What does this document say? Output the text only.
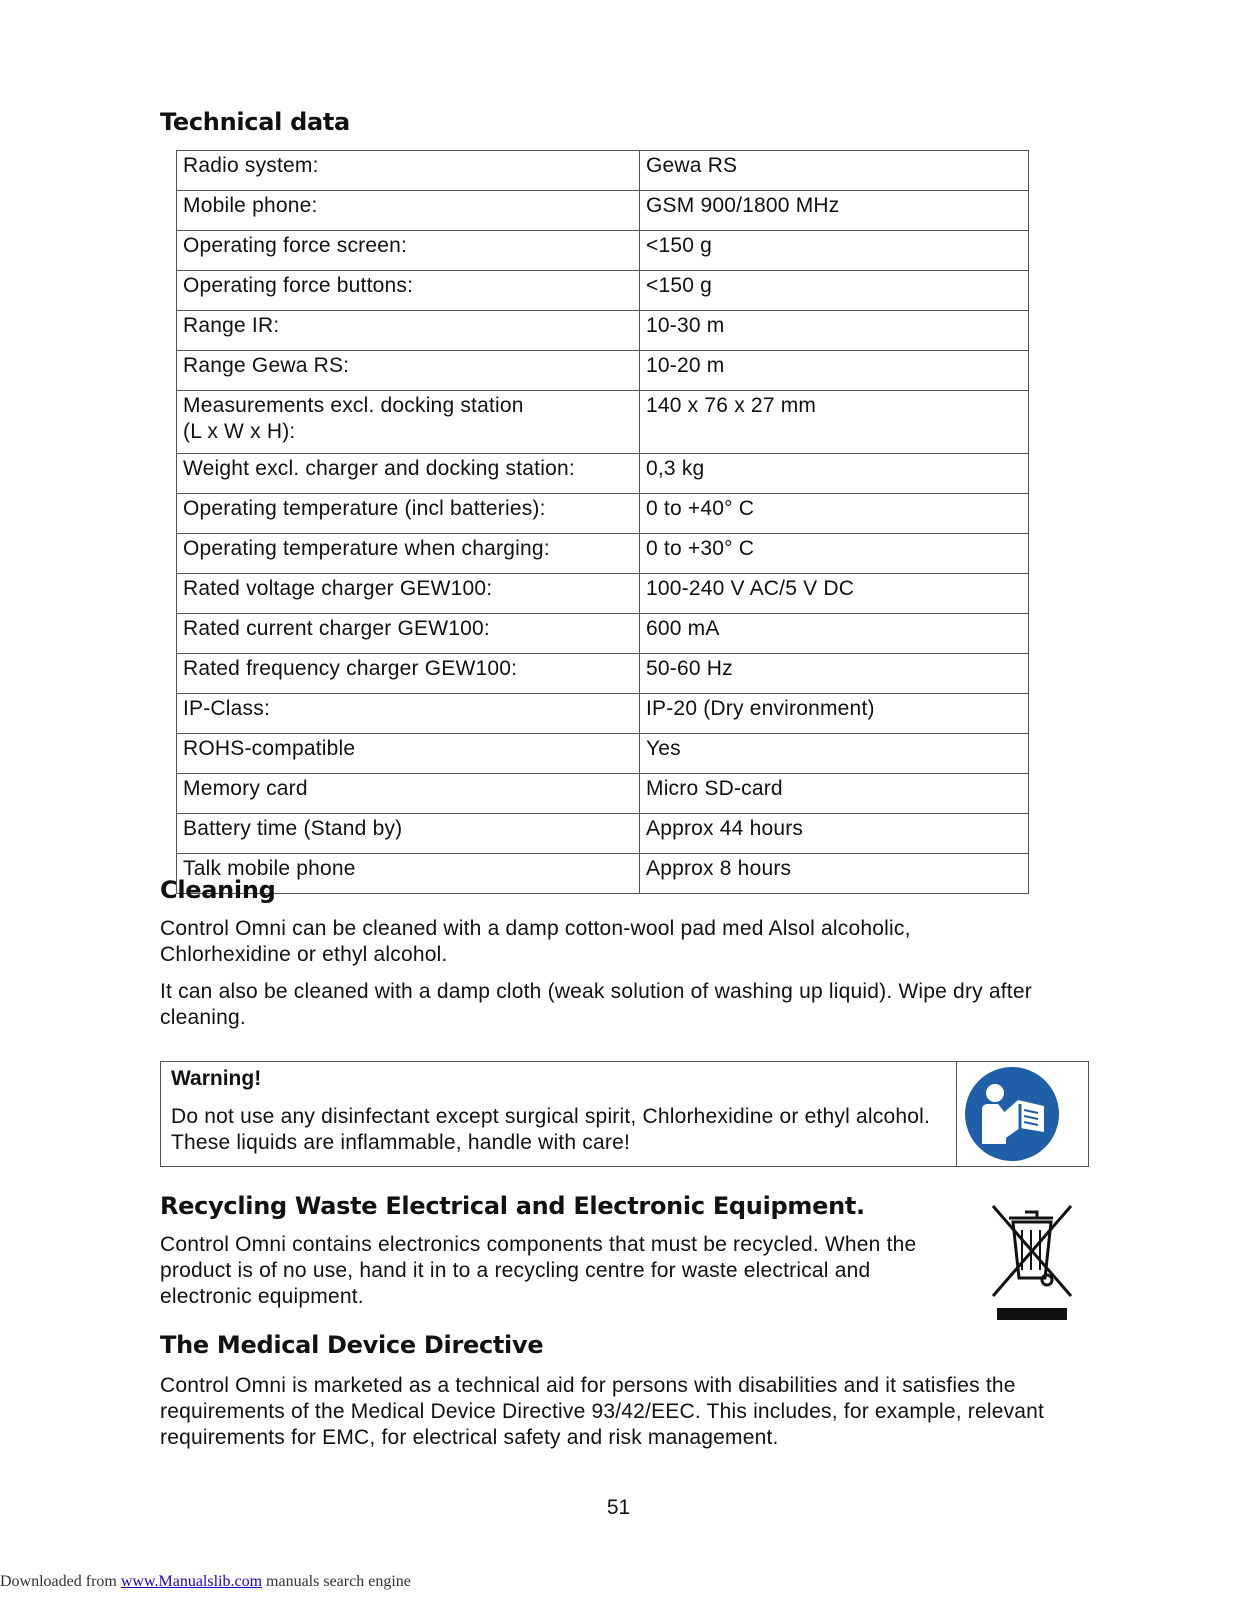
Technical data
Radio system:	Gewa RS
Mobile phone:	GSM 900/1800 MHz
Operating force screen:	<150 g
Operating force buttons:	<150 g
Range IR:	10-30 m
Range Gewa RS:	10-20 m
Measurements excl. docking station
(L x W x H):	140 x 76 x 27 mm
Weight excl. charger and docking station:	0,3 kg
Operating temperature (incl batteries):	0 to +40° C
Operating temperature when charging:	0 to +30° C
Rated voltage charger GEW100:	100-240 V AC/5 V DC
Rated current charger GEW100:	600 mA
Rated frequency charger GEW100:	50-60 Hz
IP-Class:	IP-20 (Dry environment)
ROHS-compatible	Yes
Memory card	Micro SD-card
Battery time (Stand by)	Approx 44 hours
Talk mobile phone	Approx 8 hours
Cleaning

Control Omni can be cleaned with a damp cotton-wool pad med Alsol alcoholic, Chlorhexidine or ethyl alcohol.

It can also be cleaned with a damp cloth (weak solution of washing up liquid). Wipe dry after cleaning.

Warning!
Do not use any disinfectant except surgical spirit, Chlorhexidine or ethyl alcohol. These liquids are inflammable, handle with care!
Recycling Waste Electrical and Electronic Equipment.

Control Omni contains electronics components that must be recycled. When the product is of no use, hand it in to a recycling centre for waste electrical and electronic equipment.

The Medical Device Directive

Control Omni is marketed as a technical aid for persons with disabilities and it satisfies the requirements of the Medical Device Directive 93/42/EEC. This includes, for example, relevant requirements for EMC, for electrical safety and risk management.

51
Downloaded from www.Manualslib.com manuals search engine
